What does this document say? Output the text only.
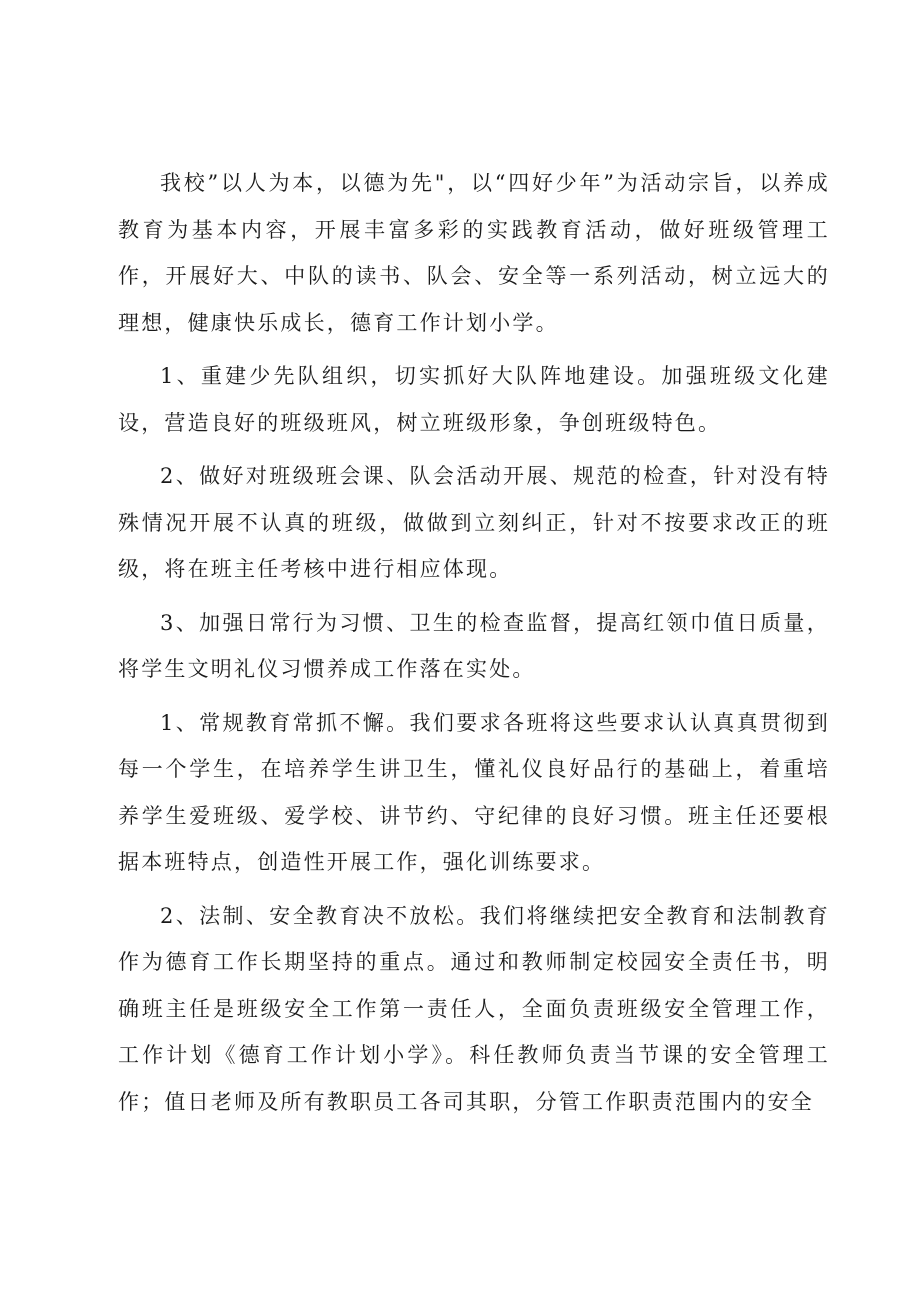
我校”以人为本，以德为先"，以“四好少年”为活动宗旨，以养成教育为基本内容，开展丰富多彩的实践教育活动，做好班级管理工作，开展好大、中队的读书、队会、安全等一系列活动，树立远大的理想，健康快乐成长，德育工作计划小学。

1、重建少先队组织，切实抓好大队阵地建设。加强班级文化建设，营造良好的班级班风，树立班级形象，争创班级特色。

2、做好对班级班会课、队会活动开展、规范的检查，针对没有特殊情况开展不认真的班级，做做到立刻纠正，针对不按要求改正的班级，将在班主任考核中进行相应体现。

3、加强日常行为习惯、卫生的检查监督，提高红领巾值日质量，将学生文明礼仪习惯养成工作落在实处。

1、常规教育常抓不懈。我们要求各班将这些要求认认真真贯彻到每一个学生，在培养学生讲卫生，懂礼仪良好品行的基础上，着重培养学生爱班级、爱学校、讲节约、守纪律的良好习惯。班主任还要根据本班特点，创造性开展工作，强化训练要求。

2、法制、安全教育决不放松。我们将继续把安全教育和法制教育作为德育工作长期坚持的重点。通过和教师制定校园安全责任书，明确班主任是班级安全工作第一责任人，全面负责班级安全管理工作，工作计划《德育工作计划小学》。科任教师负责当节课的安全管理工作；值日老师及所有教职员工各司其职，分管工作职责范围内的安全
